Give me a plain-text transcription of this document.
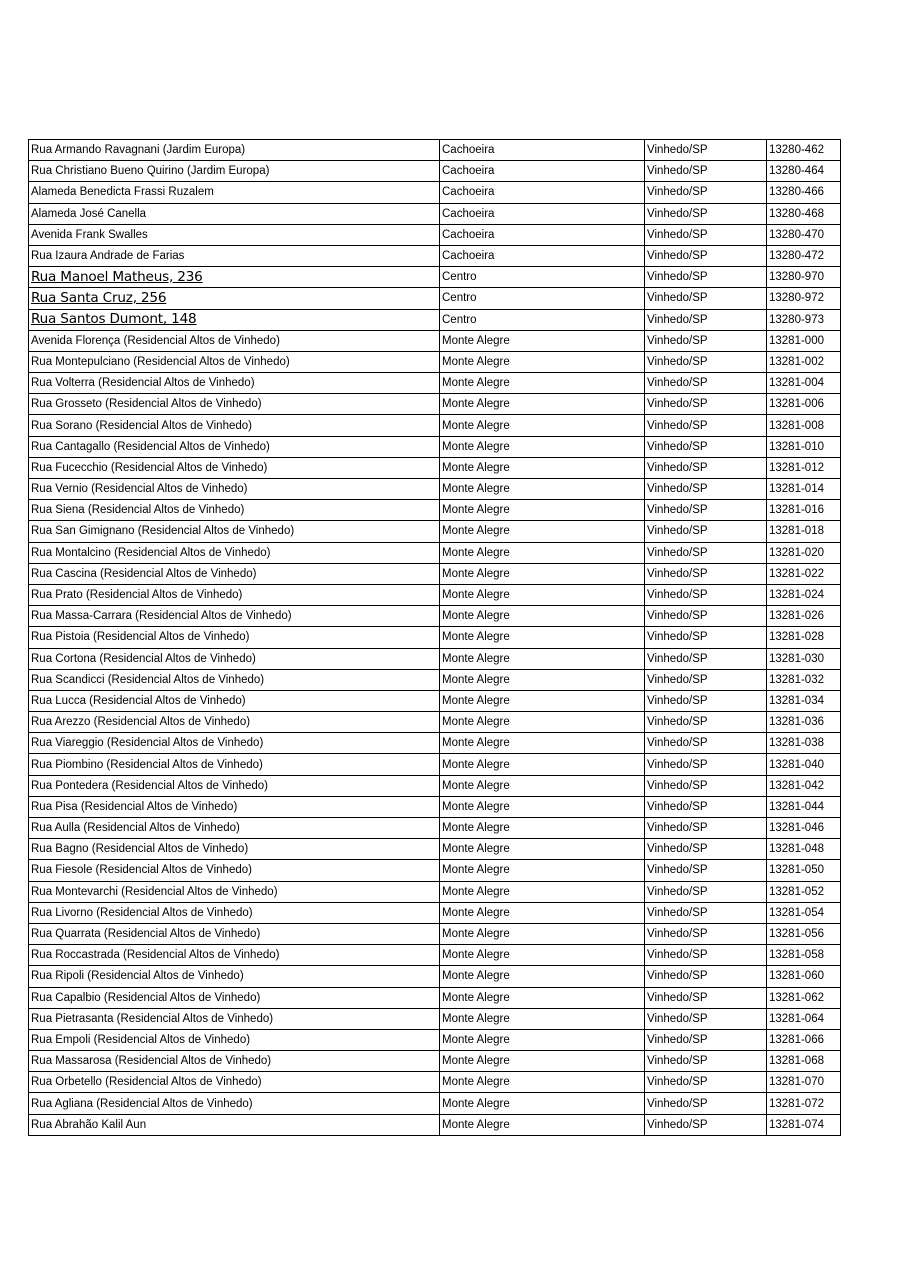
Rua Armando Ravagnani (Jardim Europa)	Cachoeira	Vinhedo/SP	13280-462
Rua Christiano Bueno Quirino (Jardim Europa)	Cachoeira	Vinhedo/SP	13280-464
Alameda Benedicta Frassi Ruzalem	Cachoeira	Vinhedo/SP	13280-466
Alameda José Canella	Cachoeira	Vinhedo/SP	13280-468
Avenida Frank Swalles	Cachoeira	Vinhedo/SP	13280-470
Rua Izaura Andrade de Farias	Cachoeira	Vinhedo/SP	13280-472
Rua Manoel Matheus, 236	Centro	Vinhedo/SP	13280-970
Rua Santa Cruz, 256	Centro	Vinhedo/SP	13280-972
Rua Santos Dumont, 148	Centro	Vinhedo/SP	13280-973
Avenida Florença (Residencial Altos de Vinhedo)	Monte Alegre	Vinhedo/SP	13281-000
Rua Montepulciano (Residencial Altos de Vinhedo)	Monte Alegre	Vinhedo/SP	13281-002
Rua Volterra (Residencial Altos de Vinhedo)	Monte Alegre	Vinhedo/SP	13281-004
Rua Grosseto (Residencial Altos de Vinhedo)	Monte Alegre	Vinhedo/SP	13281-006
Rua Sorano (Residencial Altos de Vinhedo)	Monte Alegre	Vinhedo/SP	13281-008
Rua Cantagallo (Residencial Altos de Vinhedo)	Monte Alegre	Vinhedo/SP	13281-010
Rua Fucecchio (Residencial Altos de Vinhedo)	Monte Alegre	Vinhedo/SP	13281-012
Rua Vernio (Residencial Altos de Vinhedo)	Monte Alegre	Vinhedo/SP	13281-014
Rua Siena (Residencial Altos de Vinhedo)	Monte Alegre	Vinhedo/SP	13281-016
Rua San Gimignano (Residencial Altos de Vinhedo)	Monte Alegre	Vinhedo/SP	13281-018
Rua Montalcino (Residencial Altos de Vinhedo)	Monte Alegre	Vinhedo/SP	13281-020
Rua Cascina (Residencial Altos de Vinhedo)	Monte Alegre	Vinhedo/SP	13281-022
Rua Prato (Residencial Altos de Vinhedo)	Monte Alegre	Vinhedo/SP	13281-024
Rua Massa-Carrara (Residencial Altos de Vinhedo)	Monte Alegre	Vinhedo/SP	13281-026
Rua Pistoia (Residencial Altos de Vinhedo)	Monte Alegre	Vinhedo/SP	13281-028
Rua Cortona (Residencial Altos de Vinhedo)	Monte Alegre	Vinhedo/SP	13281-030
Rua Scandicci (Residencial Altos de Vinhedo)	Monte Alegre	Vinhedo/SP	13281-032
Rua Lucca (Residencial Altos de Vinhedo)	Monte Alegre	Vinhedo/SP	13281-034
Rua Arezzo (Residencial Altos de Vinhedo)	Monte Alegre	Vinhedo/SP	13281-036
Rua Viareggio (Residencial Altos de Vinhedo)	Monte Alegre	Vinhedo/SP	13281-038
Rua Piombino (Residencial Altos de Vinhedo)	Monte Alegre	Vinhedo/SP	13281-040
Rua Pontedera (Residencial Altos de Vinhedo)	Monte Alegre	Vinhedo/SP	13281-042
Rua Pisa (Residencial Altos de Vinhedo)	Monte Alegre	Vinhedo/SP	13281-044
Rua Aulla (Residencial Altos de Vinhedo)	Monte Alegre	Vinhedo/SP	13281-046
Rua Bagno (Residencial Altos de Vinhedo)	Monte Alegre	Vinhedo/SP	13281-048
Rua Fiesole (Residencial Altos de Vinhedo)	Monte Alegre	Vinhedo/SP	13281-050
Rua Montevarchi (Residencial Altos de Vinhedo)	Monte Alegre	Vinhedo/SP	13281-052
Rua Livorno (Residencial Altos de Vinhedo)	Monte Alegre	Vinhedo/SP	13281-054
Rua Quarrata (Residencial Altos de Vinhedo)	Monte Alegre	Vinhedo/SP	13281-056
Rua Roccastrada (Residencial Altos de Vinhedo)	Monte Alegre	Vinhedo/SP	13281-058
Rua Ripoli (Residencial Altos de Vinhedo)	Monte Alegre	Vinhedo/SP	13281-060
Rua Capalbio (Residencial Altos de Vinhedo)	Monte Alegre	Vinhedo/SP	13281-062
Rua Pietrasanta (Residencial Altos de Vinhedo)	Monte Alegre	Vinhedo/SP	13281-064
Rua Empoli (Residencial Altos de Vinhedo)	Monte Alegre	Vinhedo/SP	13281-066
Rua Massarosa (Residencial Altos de Vinhedo)	Monte Alegre	Vinhedo/SP	13281-068
Rua Orbetello (Residencial Altos de Vinhedo)	Monte Alegre	Vinhedo/SP	13281-070
Rua Agliana (Residencial Altos de Vinhedo)	Monte Alegre	Vinhedo/SP	13281-072
Rua Abrahão Kalil Aun	Monte Alegre	Vinhedo/SP	13281-074
